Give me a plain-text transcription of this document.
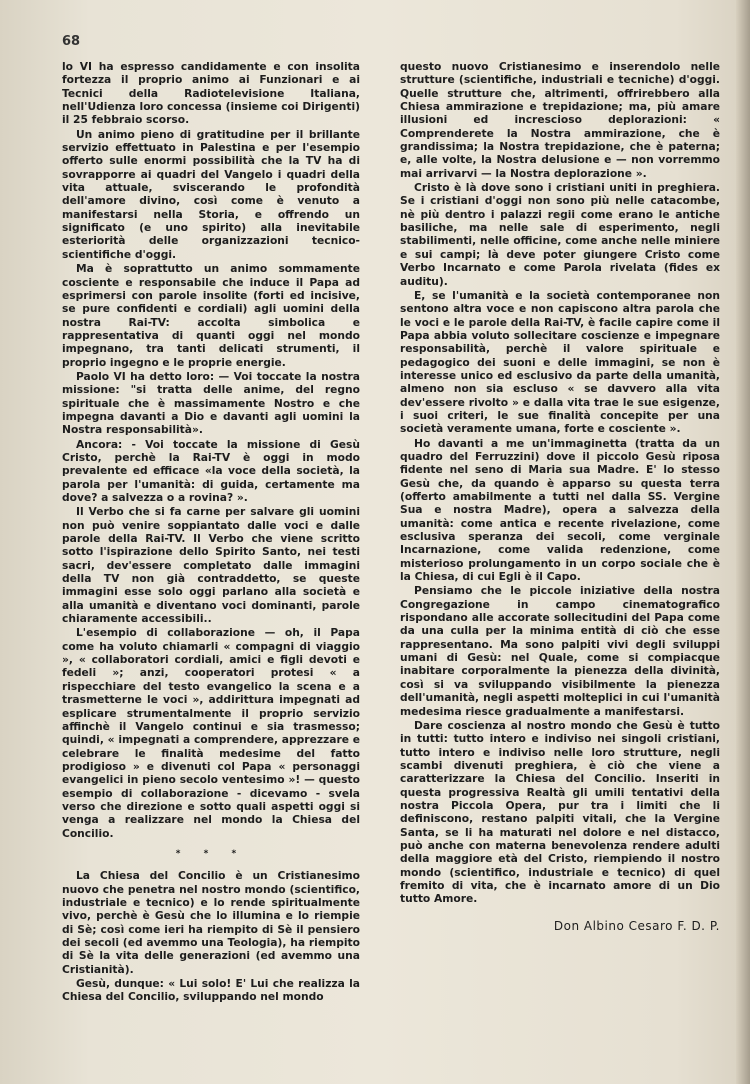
68

lo VI ha espresso candidamente e con insolita fortezza il proprio animo ai Funzionari e ai Tecnici della Radiotelevisione Italiana, nell'Udienza loro concessa (insieme coi Dirigenti) il 25 febbraio scorso.

Un animo pieno di gratitudine per il brillante servizio effettuato in Palestina e per l'esempio offerto sulle enormi possibilità che la TV ha di sovrapporre ai quadri del Vangelo i quadri della vita attuale, sviscerando le profondità dell'amore divino, così come è venuto a manifestarsi nella Storia, e offrendo un significato (e uno spirito) alla inevitabile esteriorità delle organizzazioni tecnico-scientifiche d'oggi.

Ma è soprattutto un animo sommamente cosciente e responsabile che induce il Papa ad esprimersi con parole insolite (forti ed incisive, se pure confidenti e cordiali) agli uomini della nostra Rai-TV: accolta simbolica e rappresentativa di quanti oggi nel mondo impegnano, tra tanti delicati strumenti, il proprio ingegno e le proprie energie.

Paolo VI ha detto loro: — Voi toccate la nostra missione: "si tratta delle anime, del regno spirituale che è massimamente Nostro e che impegna davanti a Dio e davanti agli uomini la Nostra responsabilità».

Ancora: - Voi toccate la missione di Gesù Cristo, perchè la Rai-TV è oggi in modo prevalente ed efficace «la voce della società, la parola per l'umanità: di guida, certamente ma dove? a salvezza o a rovina? ».

Il Verbo che si fa carne per salvare gli uomini non può venire soppiantato dalle voci e dalle parole della Rai-TV. Il Verbo che viene scritto sotto l'ispirazione dello Spirito Santo, nei testi sacri, dev'essere completato dalle immagini della TV non già contraddetto, se queste immagini esse solo oggi parlano alla società e alla umanità e diventano voci dominanti, parole chiaramente accessibili..

L'esempio di collaborazione — oh, il Papa come ha voluto chiamarli « compagni di viaggio », « collaboratori cordiali, amici e figli devoti e fedeli »; anzi, cooperatori protesi « a rispecchiare del testo evangelico la scena e a trasmetterne le voci », addirittura impegnati ad esplicare strumentalmente il proprio servizio affinchè il Vangelo continui e sia trasmesso; quindi, « impegnati a comprendere, apprezzare e celebrare le finalità medesime del fatto prodigioso » e divenuti col Papa « personaggi evangelici in pieno secolo ventesimo »! — questo esempio di collaborazione - dicevamo - svela verso che direzione e sotto quali aspetti oggi si venga a realizzare nel mondo la Chiesa del Concilio.

* * *

La Chiesa del Concilio è un Cristianesimo nuovo che penetra nel nostro mondo (scientifico, industriale e tecnico) e lo rende spiritualmente vivo, perchè è Gesù che lo illumina e lo riempie di Sè; così come ieri ha riempito di Sè il pensiero dei secoli (ed avemmo una Teologia), ha riempito di Sè la vita delle generazioni (ed avemmo una Cristianità).

Gesù, dunque: « Lui solo! E' Lui che realizza la Chiesa del Concilio, sviluppando nel mondo

questo nuovo Cristianesimo e inserendolo nelle strutture (scientifiche, industriali e tecniche) d'oggi. Quelle strutture che, altrimenti, offrirebbero alla Chiesa ammirazione e trepidazione; ma, più amare illusioni ed increscioso deplorazioni: « Comprenderete la Nostra ammirazione, che è grandissima; la Nostra trepidazione, che è paterna; e, alle volte, la Nostra delusione e — non vorremmo mai arrivarvi — la Nostra deplorazione ».

Cristo è là dove sono i cristiani uniti in preghiera. Se i cristiani d'oggi non sono più nelle catacombe, nè più dentro i palazzi regii come erano le antiche basiliche, ma nelle sale di esperimento, negli stabilimenti, nelle officine, come anche nelle miniere e sui campi; là deve poter giungere Cristo come Verbo Incarnato e come Parola rivelata (fides ex auditu).

E, se l'umanità e la società contemporanee non sentono altra voce e non capiscono altra parola che le voci e le parole della Rai-TV, è facile capire come il Papa abbia voluto sollecitare coscienze e impegnare responsabilità, perchè il valore spirituale e pedagogico dei suoni e delle immagini, se non è interesse unico ed esclusivo da parte della umanità, almeno non sia escluso « se davvero alla vita dev'essere rivolto » e dalla vita trae le sue esigenze, i suoi criteri, le sue finalità concepite per una società veramente umana, forte e cosciente ».

Ho davanti a me un'immaginetta (tratta da un quadro del Ferruzzini) dove il piccolo Gesù riposa fidente nel seno di Maria sua Madre. E' lo stesso Gesù che, da quando è apparso su questa terra (offerto amabilmente a tutti nel dalla SS. Vergine Sua e nostra Madre), opera a salvezza della umanità: come antica e recente rivelazione, come esclusiva speranza dei secoli, come verginale Incarnazione, come valida redenzione, come misterioso prolungamento in un corpo sociale che è la Chiesa, di cui Egli è il Capo.

Pensiamo che le piccole iniziative della nostra Congregazione in campo cinematografico rispondano alle accorate sollecitudini del Papa come da una culla per la minima entità di ciò che esse rappresentano. Ma sono palpiti vivi degli sviluppi umani di Gesù: nel Quale, come si compiacque inabitare corporalmente la pienezza della divinità, così si va sviluppando visibilmente la pienezza dell'umanità, negli aspetti molteplici in cui l'umanità medesima riesce gradualmente a manifestarsi.

Dare coscienza al nostro mondo che Gesù è tutto in tutti: tutto intero e indiviso nei singoli cristiani, tutto intero e indiviso nelle loro strutture, negli scambi divenuti preghiera, è ciò che viene a caratterizzare la Chiesa del Concilio. Inseriti in questa progressiva Realtà gli umili tentativi della nostra Piccola Opera, pur tra i limiti che li definiscono, restano palpiti vitali, che la Vergine Santa, se li ha maturati nel dolore e nel distacco, può anche con materna benevolenza rendere adulti della maggiore età del Cristo, riempiendo il nostro mondo (scientifico, industriale e tecnico) di quel fremito di vita, che è incarnato amore di un Dio tutto Amore.

Don Albino Cesaro F. D. P.
